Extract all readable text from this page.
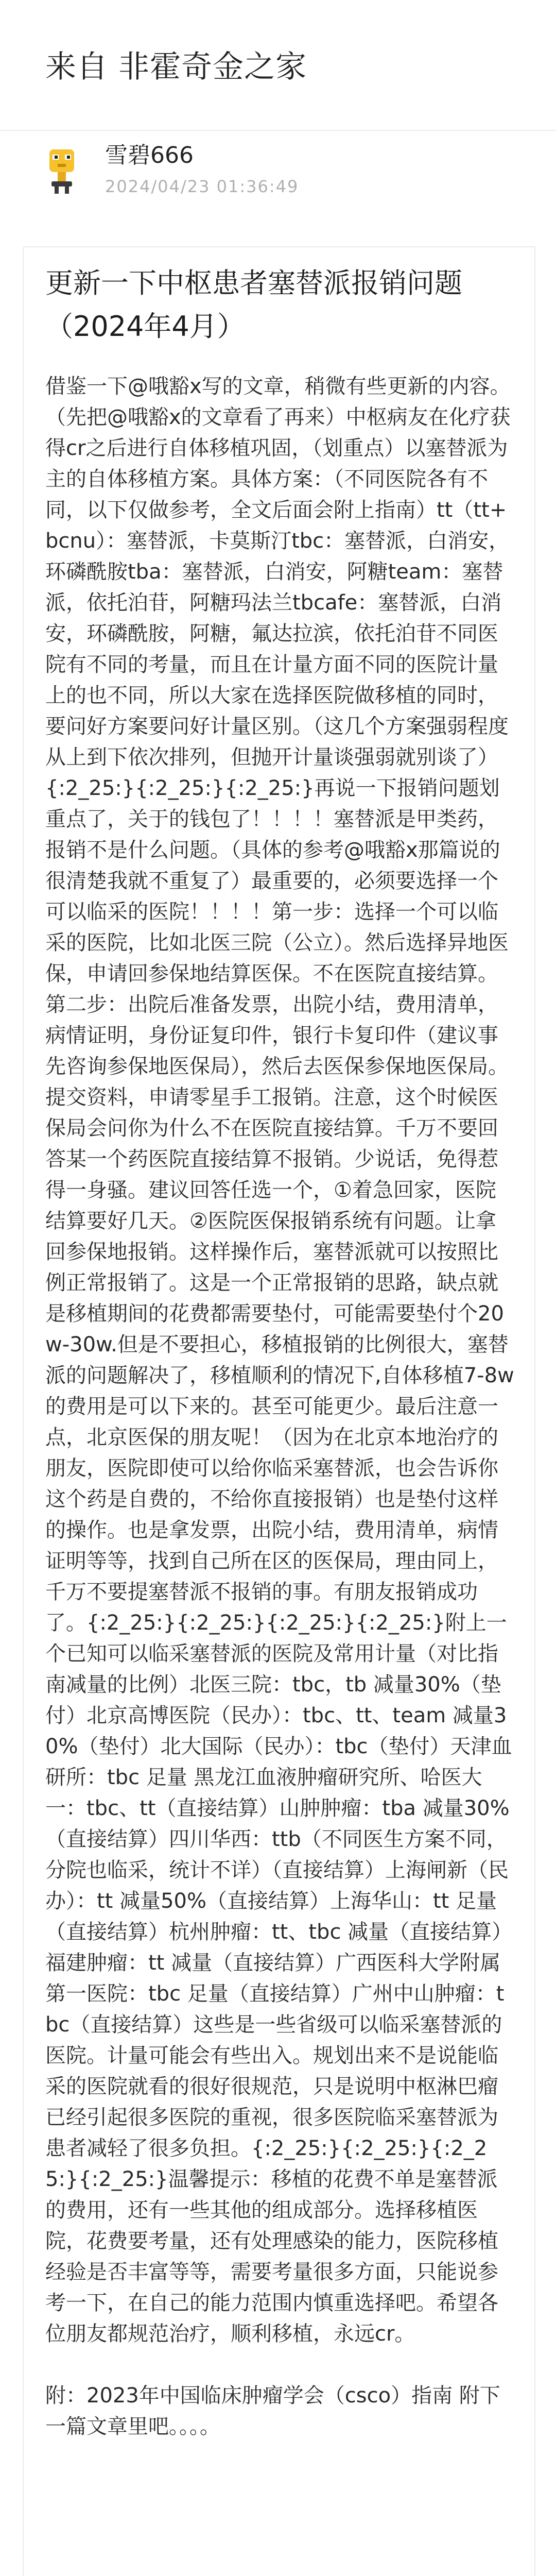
来自 非霍奇金之家
雪碧666
2024/04/23 01:36:49
更新一下中枢患者塞替派报销问题（2024年4月）

借鉴一下@哦豁x写的文章，稍微有些更新的内容。（先把@哦豁x的文章看了再来）中枢病友在化疗获得cr之后进行自体移植巩固，（划重点）以塞替派为主的自体移植方案。具体方案：（不同医院各有不同，以下仅做参考，全文后面会附上指南）tt（tt+bcnu）：塞替派，卡莫斯汀tbc：塞替派，白消安，环磷酰胺tba：塞替派，白消安，阿糖team：塞替派，依托泊苷，阿糖玛法兰tbcafe：塞替派，白消安，环磷酰胺，阿糖，氟达拉滨，依托泊苷不同医院有不同的考量，而且在计量方面不同的医院计量上的也不同，所以大家在选择医院做移植的同时，要问好方案要问好计量区别。（这几个方案强弱程度从上到下依次排列，但抛开计量谈强弱就别谈了）{:2_25:}{:2_25:}{:2_25:}再说一下报销问题划重点了，关于的钱包了！！！！塞替派是甲类药，报销不是什么问题。（具体的参考@哦豁x那篇说的很清楚我就不重复了）最重要的，必须要选择一个可以临采的医院！！！！第一步：选择一个可以临采的医院，比如北医三院（公立）。然后选择异地医保，申请回参保地结算医保。不在医院直接结算。第二步：出院后准备发票，出院小结，费用清单，病情证明，身份证复印件，银行卡复印件（建议事先咨询参保地医保局），然后去医保参保地医保局。提交资料，申请零星手工报销。注意，这个时候医保局会问你为什么不在医院直接结算。千万不要回答某一个药医院直接结算不报销。少说话，免得惹得一身骚。建议回答任选一个，①着急回家，医院结算要好几天。②医院医保报销系统有问题。让拿回参保地报销。这样操作后，塞替派就可以按照比例正常报销了。这是一个正常报销的思路，缺点就是移植期间的花费都需要垫付，可能需要垫付个20w-30w.但是不要担心，移植报销的比例很大，塞替派的问题解决了，移植顺利的情况下,自体移植7-8w的费用是可以下来的。甚至可能更少。最后注意一点，北京医保的朋友呢！（因为在北京本地治疗的朋友，医院即使可以给你临采塞替派，也会告诉你这个药是自费的，不给你直接报销）也是垫付这样的操作。也是拿发票，出院小结，费用清单，病情证明等等，找到自己所在区的医保局，理由同上，千万不要提塞替派不报销的事。有朋友报销成功了。{:2_25:}{:2_25:}{:2_25:}{:2_25:}附上一个已知可以临采塞替派的医院及常用计量（对比指南减量的比例）北医三院：tbc，tb 减量30%（垫付）北京高博医院（民办）：tbc、tt、team 减量30%（垫付）北大国际（民办）：tbc（垫付）天津血研所：tbc 足量 黑龙江血液肿瘤研究所、哈医大一：tbc、tt（直接结算）山肿肿瘤：tba 减量30%（直接结算）四川华西：ttb（不同医生方案不同，分院也临采，统计不详）（直接结算）上海闸新（民办）：tt 减量50%（直接结算）上海华山：tt 足量（直接结算）杭州肿瘤：tt、tbc 减量（直接结算）福建肿瘤：tt 减量（直接结算）广西医科大学附属第一医院：tbc 足量（直接结算）广州中山肿瘤：tbc（直接结算）这些是一些省级可以临采塞替派的医院。计量可能会有些出入。规划出来不是说能临采的医院就看的很好很规范，只是说明中枢淋巴瘤已经引起很多医院的重视，很多医院临采塞替派为患者减轻了很多负担。{:2_25:}{:2_25:}{:2_25:}{:2_25:}温馨提示：移植的花费不单是塞替派的费用，还有一些其他的组成部分。选择移植医院，花费要考量，还有处理感染的能力，医院移植经验是否丰富等等，需要考量很多方面，只能说参考一下，在自己的能力范围内慎重选择吧。希望各位朋友都规范治疗，顺利移植，永远cr。

附：2023年中国临床肿瘤学会（csco）指南 附下一篇文章里吧。。。。
